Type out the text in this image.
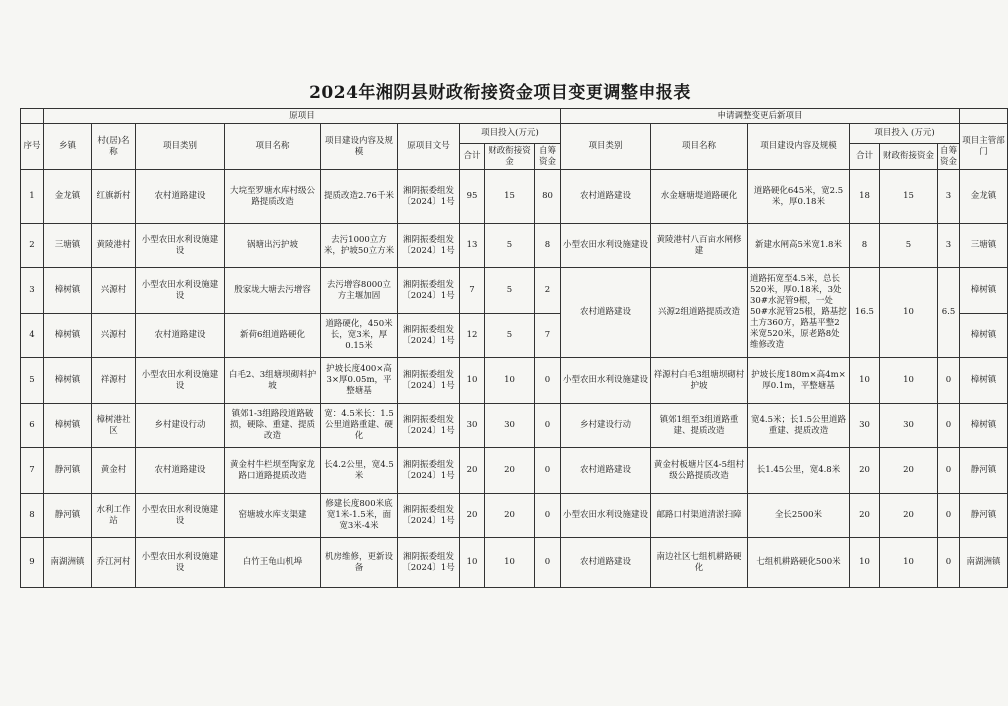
2024年湘阴县财政衔接资金项目变更调整申报表
	原项目									申请调整变更后新项目						
序号	乡镇	村(居)名称	项目类别	项目名称	项目建设内容及规 模	原项目文号	项目投入(万元)			项目类别	项目名称	项目建设内容及规模	项目投入 (万元)			项目主管部门
							合计	财政衔接资金	自筹资金				合计	财政衔接资金	自筹资金	
1	金龙镇	红旗新村	农村道路建设	大垸至罗塘水库村级公路提质改造	提质改造2.76千米	湘阴振委组发〔2024〕1号	95	15	80	农村道路建设	水金塘塘堤道路硬化	道路硬化645米，宽2.5米，厚0.18米	18	15	3	金龙镇
2	三塘镇	黄陵港村	小型农田水利设施建设	锅塘出污护坡	去污1000立方米，护坡50立方米	湘阴振委组发〔2024〕1号	13	5	8	小型农田水利设施建设	黄陵港村八百亩水闸修建	新建水闸高5米宽1.8米	8	5	3	三塘镇
3	樟树镇	兴源村	小型农田水利设施建设	殷家垅大塘去污增容	去污增容8000立方主堰加固	湘阴振委组发〔2024〕1号	7	5	2	农村道路建设	兴源2组道路提质改造	道路拓宽至4.5米，总长520米，厚0.18米，3处30#水泥管9根，一处50#水泥管25根，路基挖土方360方，路基平整2米宽520米，原老路8处维修改造	16.5	10	6.5	樟树镇
4	樟树镇	兴源村	农村道路建设	新荷6组道路硬化	道路硬化，450米长，宽3米，厚0.15米	湘阴振委组发〔2024〕1号	12	5	7							樟树镇
5	樟树镇	祥源村	小型农田水利设施建设	白毛2、3组塘坝砌料护坡	护坡长度400×高3×厚0.05m，平整塘基	湘阴振委组发〔2024〕1号	10	10	0	小型农田水利设施建设	祥源村白毛3组塘坝砌村护坡	护坡长度180m×高4m×厚0.1m，平整塘基	10	10	0	樟树镇
6	樟树镇	樟树港社区	乡村建设行动	镇郊1-3组路段道路破损，硬除、重建、提质改造	宽：4.5米长：1.5公里道路重建、硬化	湘阴振委组发〔2024〕1号	30	30	0	乡村建设行动	镇郊1组至3组道路重建、提质改造	宽4.5米；长1.5公里道路重建、提质改造	30	30	0	樟树镇
7	静河镇	黄金村	农村道路建设	黄金村牛栏坝至陶家龙路口道路提质改造	长4.2公里，宽4.5米	湘阴振委组发〔2024〕1号	20	20	0	农村道路建设	黄金村板塘片区4-5组村级公路提质改造	长1.45公里，宽4.8米	20	20	0	静河镇
8	静河镇	水利工作站	小型农田水利设施建设	窑塘坡水库支渠建	修建长度800米底宽1米-1.5米，面宽3米-4米	湘阴振委组发〔2024〕1号	20	20	0	小型农田水利设施建设	邮路口村渠道清淤扫障	全长2500米	20	20	0	静河镇
9	南湖洲镇	乔江河村	小型农田水利设施建设	白竹王龟山机埠	机房维修，更新设备	湘阴振委组发〔2024〕1号	10	10	0	农村道路建设	南边社区七组机耕路硬化	七组机耕路硬化500米	10	10	0	南湖洲镇
